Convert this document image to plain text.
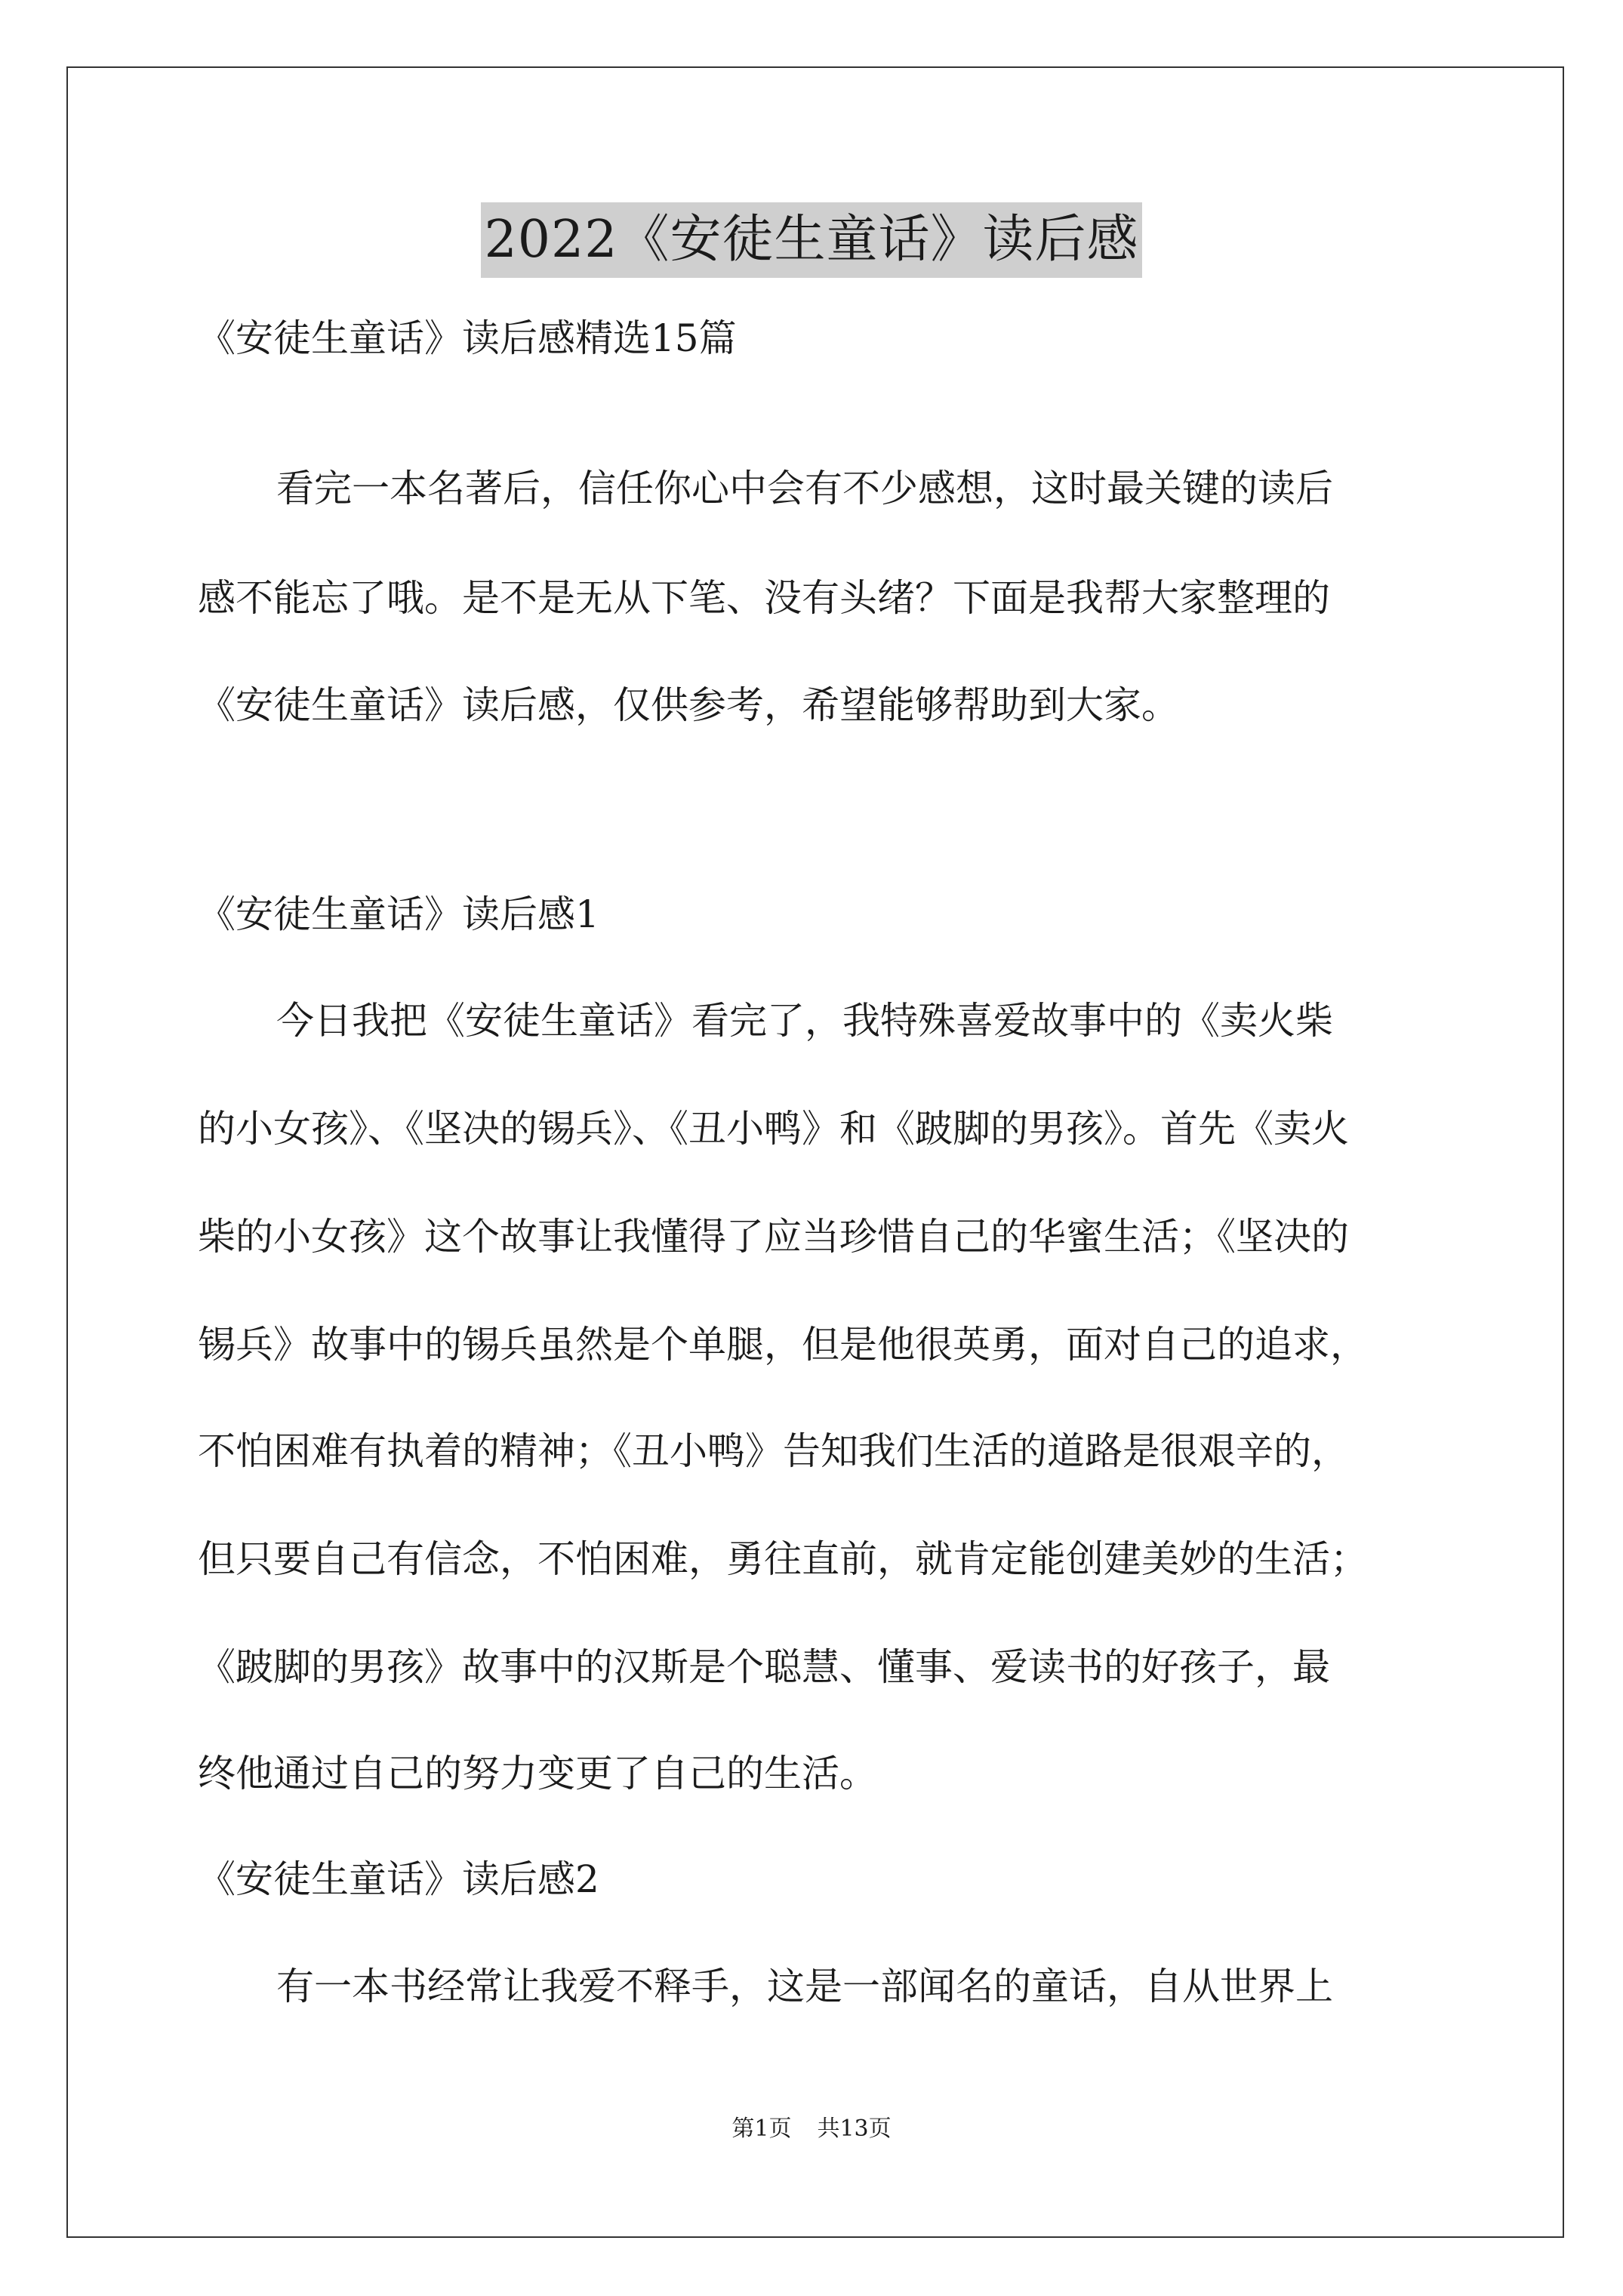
2022《安徒生童话》读后感
《安徒生童话》读后感精选15篇
看完一本名著后，信任你心中会有不少感想，这时最关键的读后
感不能忘了哦。是不是无从下笔、没有头绪？下面是我帮大家整理的
《安徒生童话》读后感，仅供参考，希望能够帮助到大家。
《安徒生童话》读后感1
今日我把《安徒生童话》看完了，我特殊喜爱故事中的《卖火柴
的小女孩》、《坚决的锡兵》、《丑小鸭》和《跛脚的男孩》。首先《卖火
柴的小女孩》这个故事让我懂得了应当珍惜自己的华蜜生活；《坚决的
锡兵》故事中的锡兵虽然是个单腿，但是他很英勇，面对自己的追求，
不怕困难有执着的精神；《丑小鸭》告知我们生活的道路是很艰辛的，
但只要自己有信念，不怕困难，勇往直前，就肯定能创建美妙的生活；
《跛脚的男孩》故事中的汉斯是个聪慧、懂事、爱读书的好孩子，最
终他通过自己的努力变更了自己的生活。
《安徒生童话》读后感2
有一本书经常让我爱不释手，这是一部闻名的童话，自从世界上
第1页 共13页
